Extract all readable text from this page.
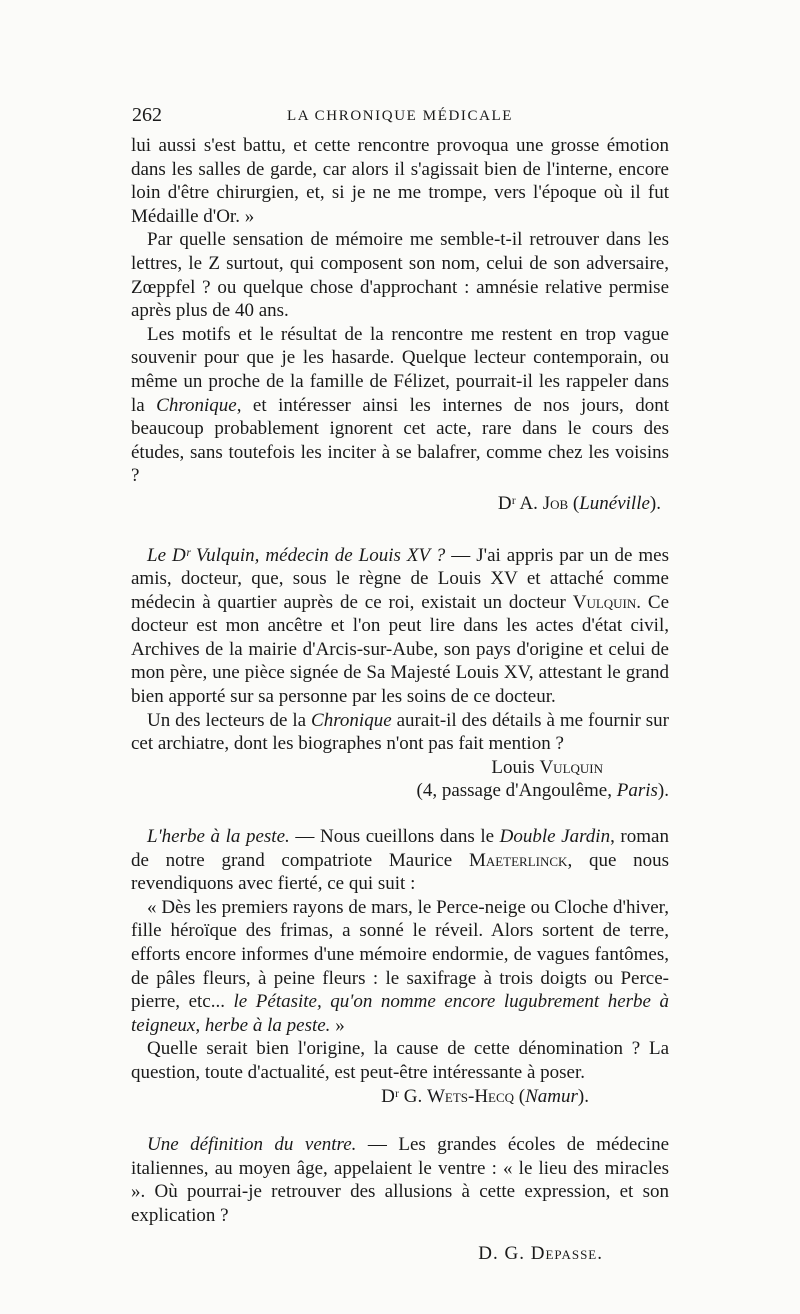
262	LA CHRONIQUE MÉDICALE

lui aussi s'est battu, et cette rencontre provoqua une grosse émotion dans les salles de garde, car alors il s'agissait bien de l'interne, encore loin d'être chirurgien, et, si je ne me trompe, vers l'époque où il fut Médaille d'Or. »

Par quelle sensation de mémoire me semble-t-il retrouver dans les lettres, le Z surtout, qui composent son nom, celui de son adversaire, Zœppfel ? ou quelque chose d'approchant : amnésie relative permise après plus de 40 ans.

Les motifs et le résultat de la rencontre me restent en trop vague souvenir pour que je les hasarde. Quelque lecteur contemporain, ou même un proche de la famille de Félizet, pourrait-il les rappeler dans la Chronique, et intéresser ainsi les internes de nos jours, dont beaucoup probablement ignorent cet acte, rare dans le cours des études, sans toutefois les inciter à se balafrer, comme chez les voisins ?

Dʳ A. Job (Lunéville).

Le Dʳ Vulquin, médecin de Louis XV ? — J'ai appris par un de mes amis, docteur, que, sous le règne de Louis XV et attaché comme médecin à quartier auprès de ce roi, existait un docteur Vulquin. Ce docteur est mon ancêtre et l'on peut lire dans les actes d'état civil, Archives de la mairie d'Arcis-sur-Aube, son pays d'origine et celui de mon père, une pièce signée de Sa Majesté Louis XV, attestant le grand bien apporté sur sa personne par les soins de ce docteur.

Un des lecteurs de la Chronique aurait-il des détails à me fournir sur cet archiatre, dont les biographes n'ont pas fait mention ?

Louis Vulquin

(4, passage d'Angoulême, Paris).

L'herbe à la peste. — Nous cueillons dans le Double Jardin, roman de notre grand compatriote Maurice Maeterlinck, que nous revendiquons avec fierté, ce qui suit :

« Dès les premiers rayons de mars, le Perce-neige ou Cloche d'hiver, fille héroïque des frimas, a sonné le réveil. Alors sortent de terre, efforts encore informes d'une mémoire endormie, de vagues fantômes, de pâles fleurs, à peine fleurs : le saxifrage à trois doigts ou Perce-pierre, etc... le Pétasite, qu'on nomme encore lugubrement herbe à teigneux, herbe à la peste. »

Quelle serait bien l'origine, la cause de cette dénomination ? La question, toute d'actualité, est peut-être intéressante à poser.

Dʳ G. Wets-Hecq (Namur).

Une définition du ventre. — Les grandes écoles de médecine italiennes, au moyen âge, appelaient le ventre : « le lieu des miracles ». Où pourrai-je retrouver des allusions à cette expression, et son explication ?

D. G. Depasse.
